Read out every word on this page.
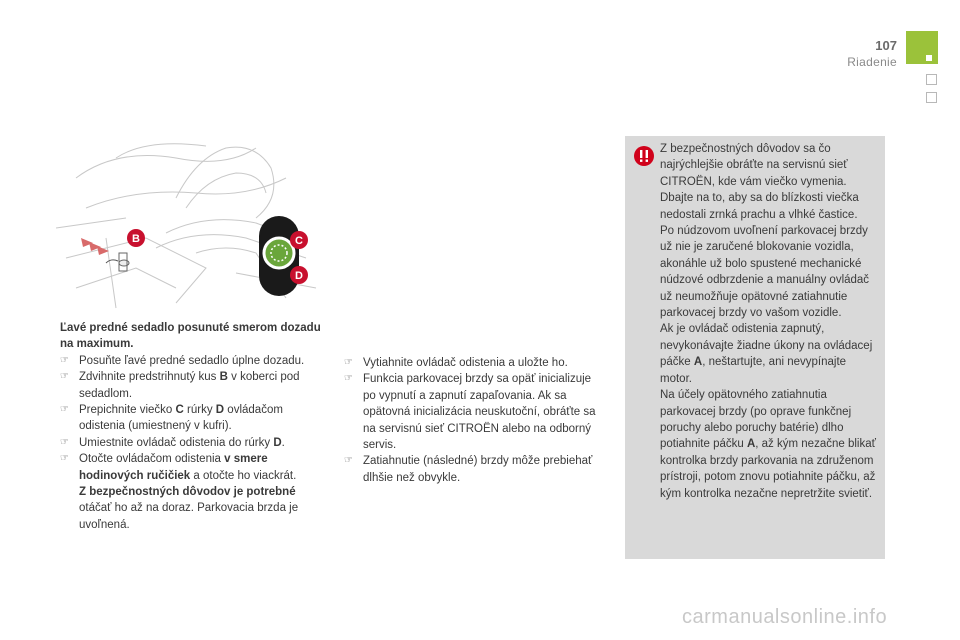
107
Riadenie
B	C
D

Ľavé predné sedadlo posunuté smerom dozadu na maximum.

☞ Posuňte ľavé predné sedadlo úplne dozadu.

☞ Zdvihnite predstrihnutý kus B v koberci pod sedadlom.

☞ Prepichnite viečko C rúrky D ovládačom odistenia (umiestnený v kufri).

☞ Umiestnite ovládač odistenia do rúrky D.

☞ Otočte ovládačom odistenia v smere hodinových ručičiek a otočte ho viackrát.

Z bezpečnostných dôvodov je potrebné

otáčať ho až na doraz. Parkovacia brzda je uvoľnená.

☞ Vytiahnite ovládač odistenia a uložte ho.

☞ Funkcia parkovacej brzdy sa opäť inicializuje po vypnutí a zapnutí zapaľovania. Ak sa opätovná inicializácia neuskutoční, obráťte sa na servisnú sieť CITROËN alebo na odborný servis.

☞ Zatiahnutie (následné) brzdy môže prebiehať dlhšie než obvykle.

Z bezpečnostných dôvodov sa čo najrýchlejšie obráťte na servisnú sieť CITROËN, kde vám viečko vymenia. Dbajte na to, aby sa do blízkosti viečka nedostali zrnká prachu a vlhké častice.

Po núdzovom uvoľnení parkovacej brzdy už nie je zaručené blokovanie vozidla, akonáhle už bolo spustené mechanické núdzové odbrzdenie a manuálny ovládač už neumožňuje opätovné zatiahnutie parkovacej brzdy vo vašom vozidle.

Ak je ovládač odistenia zapnutý, nevykonávajte žiadne úkony na ovládacej páčke A, neštartujte, ani nevypínajte motor.

Na účely opätovného zatiahnutia parkovacej brzdy (po oprave funkčnej poruchy alebo poruchy batérie) dlho potiahnite páčku A, až kým nezačne blikať kontrolka brzdy parkovania na združenom prístroji, potom znovu potiahnite páčku, až kým kontrolka nezačne nepretržite svietiť.

carmanualsonline.info
